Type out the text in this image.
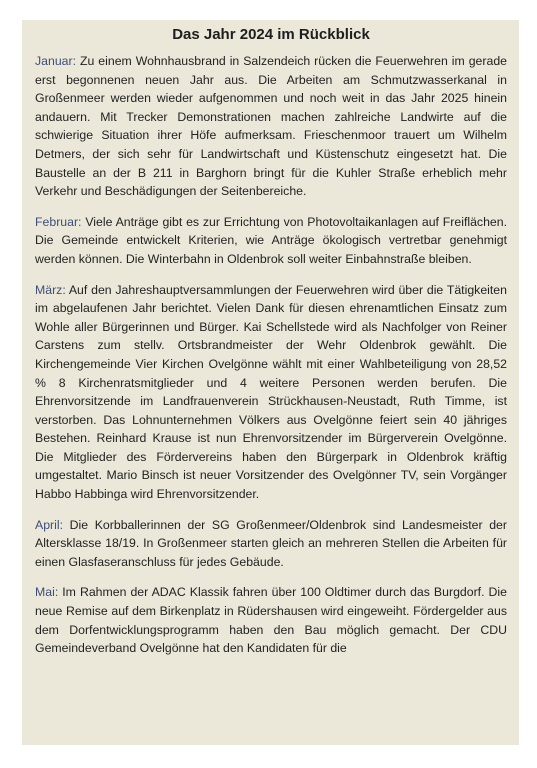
Das Jahr 2024 im Rückblick

Januar: Zu einem Wohnhausbrand in Salzendeich rücken die Feuerwehren im gerade erst begonnenen neuen Jahr aus. Die Arbeiten am Schmutzwasserkanal in Großenmeer werden wieder aufgenommen und noch weit in das Jahr 2025 hinein andauern. Mit Trecker Demonstrationen machen zahlreiche Landwirte auf die schwierige Situation ihrer Höfe aufmerksam. Frieschenmoor trauert um Wilhelm Detmers, der sich sehr für Landwirtschaft und Küstenschutz eingesetzt hat. Die Baustelle an der B 211 in Barghorn bringt für die Kuhler Straße erheblich mehr Verkehr und Beschädigungen der Seitenbereiche.

Februar: Viele Anträge gibt es zur Errichtung von Photovoltaikanlagen auf Freiflächen. Die Gemeinde entwickelt Kriterien, wie Anträge ökologisch vertretbar genehmigt werden können. Die Winterbahn in Oldenbrok soll weiter Einbahnstraße bleiben.

März: Auf den Jahreshauptversammlungen der Feuerwehren wird über die Tätigkeiten im abgelaufenen Jahr berichtet. Vielen Dank für diesen ehrenamtlichen Einsatz zum Wohle aller Bürgerinnen und Bürger. Kai Schellstede wird als Nachfolger von Reiner Carstens zum stellv. Ortsbrandmeister der Wehr Oldenbrok gewählt. Die Kirchengemeinde Vier Kirchen Ovelgönne wählt mit einer Wahlbeteiligung von 28,52 % 8 Kirchenratsmitglieder und 4 weitere Personen werden berufen. Die Ehrenvorsitzende im Landfrauenverein Strückhausen-Neustadt, Ruth Timme, ist verstorben. Das Lohnunternehmen Völkers aus Ovelgönne feiert sein 40 jähriges Bestehen. Reinhard Krause ist nun Ehrenvorsitzender im Bürgerverein Ovelgönne. Die Mitglieder des Fördervereins haben den Bürgerpark in Oldenbrok kräftig umgestaltet. Mario Binsch ist neuer Vorsitzender des Ovelgönner TV, sein Vorgänger Habbo Habbinga wird Ehrenvorsitzender.

April: Die Korbballerinnen der SG Großenmeer/Oldenbrok sind Landesmeister der Altersklasse 18/19. In Großenmeer starten gleich an mehreren Stellen die Arbeiten für einen Glasfaseranschluss für jedes Gebäude.

Mai: Im Rahmen der ADAC Klassik fahren über 100 Oldtimer durch das Burgdorf. Die neue Remise auf dem Birkenplatz in Rüdershausen wird eingeweiht. Fördergelder aus dem Dorfentwicklungsprogramm haben den Bau möglich gemacht. Der CDU Gemeindeverband Ovelgönne hat den Kandidaten für die
